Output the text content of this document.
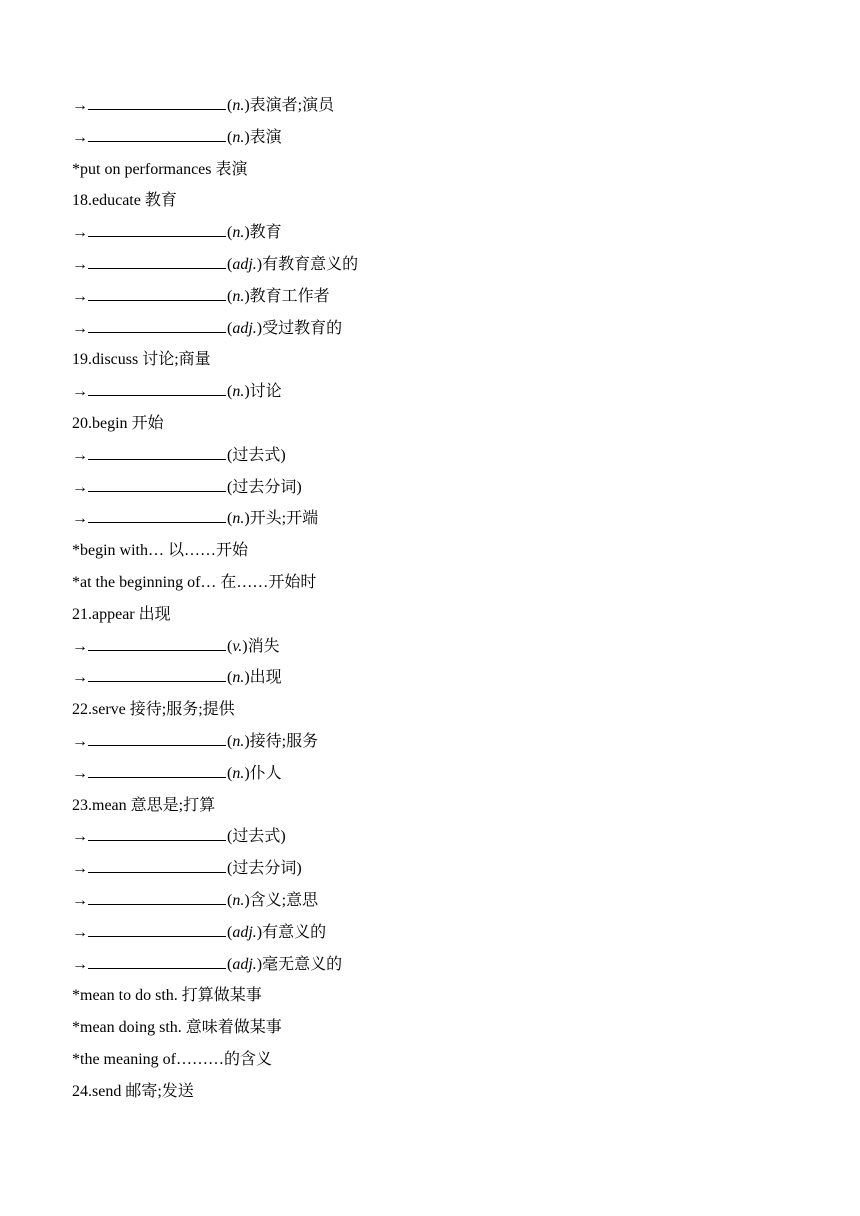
→	(n.)表演者;演员
→	(n.)表演
*put on performances 表演
18.educate 教育
→	(n.)教育
→	(adj.)有教育意义的
→	(n.)教育工作者
→	(adj.)受过教育的
19.discuss 讨论;商量
→	(n.)讨论
20.begin 开始
→	(过去式)
→	(过去分词)
→	(n.)开头;开端
*begin with… 以……开始
*at the beginning of… 在……开始时
21.appear 出现
→	(v.)消失
→	(n.)出现
22.serve 接待;服务;提供
→	(n.)接待;服务
→	(n.)仆人
23.mean 意思是;打算
→	(过去式)
→	(过去分词)
→	(n.)含义;意思
→	(adj.)有意义的
→	(adj.)毫无意义的
*mean to do sth. 打算做某事
*mean doing sth. 意味着做某事
*the meaning of………的含义
24.send 邮寄;发送
